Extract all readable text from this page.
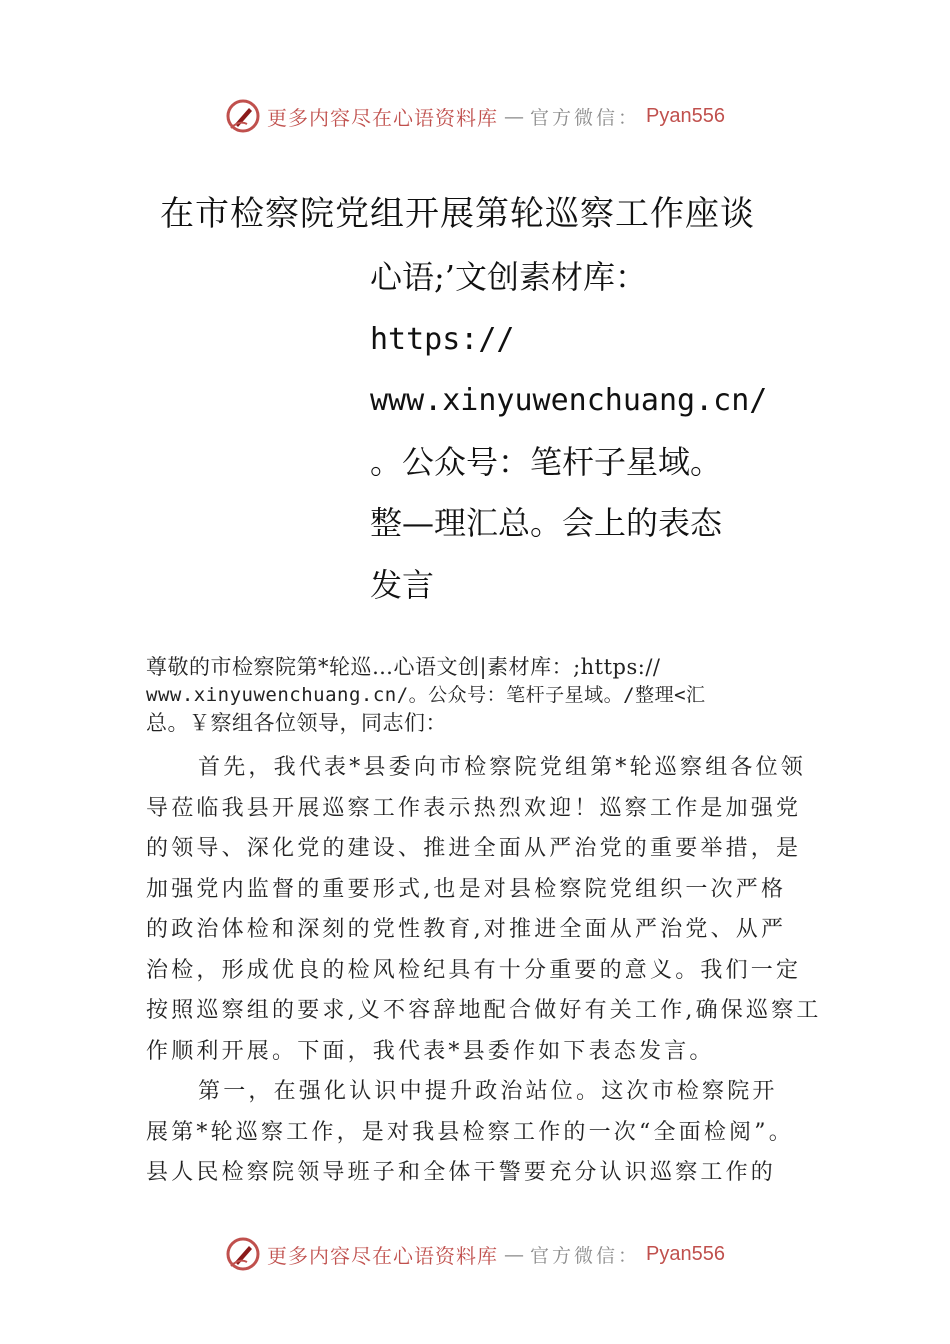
更多内容尽在心语资料库 — 官方微信： Pyan556
在市检察院党组开展第轮巡察工作座谈
心语;’文创素材库：
https://
www.xinyuwenchuang.cn/
。公众号：笔杆子星域。
整—理汇总。会上的表态
发言
尊敬的市检察院第*轮巡…心语文创|素材库：;https://
www.xinyuwenchuang.cn/。公众号：笔杆子星域。/整理<汇
总。￥察组各位领导，同志们：
首先，我代表*县委向市检察院党组第*轮巡察组各位领
导莅临我县开展巡察工作表示热烈欢迎！巡察工作是加强党
的领导、深化党的建设、推进全面从严治党的重要举措，是
加强党内监督的重要形式,也是对县检察院党组织一次严格
的政治体检和深刻的党性教育,对推进全面从严治党、从严
治检，形成优良的检风检纪具有十分重要的意义。我们一定
按照巡察组的要求,义不容辞地配合做好有关工作,确保巡察工
作顺利开展。下面，我代表*县委作如下表态发言。
第一，在强化认识中提升政治站位。这次市检察院开
展第*轮巡察工作，是对我县检察工作的一次“全面检阅”。
县人民检察院领导班子和全体干警要充分认识巡察工作的
更多内容尽在心语资料库 — 官方微信： Pyan556
